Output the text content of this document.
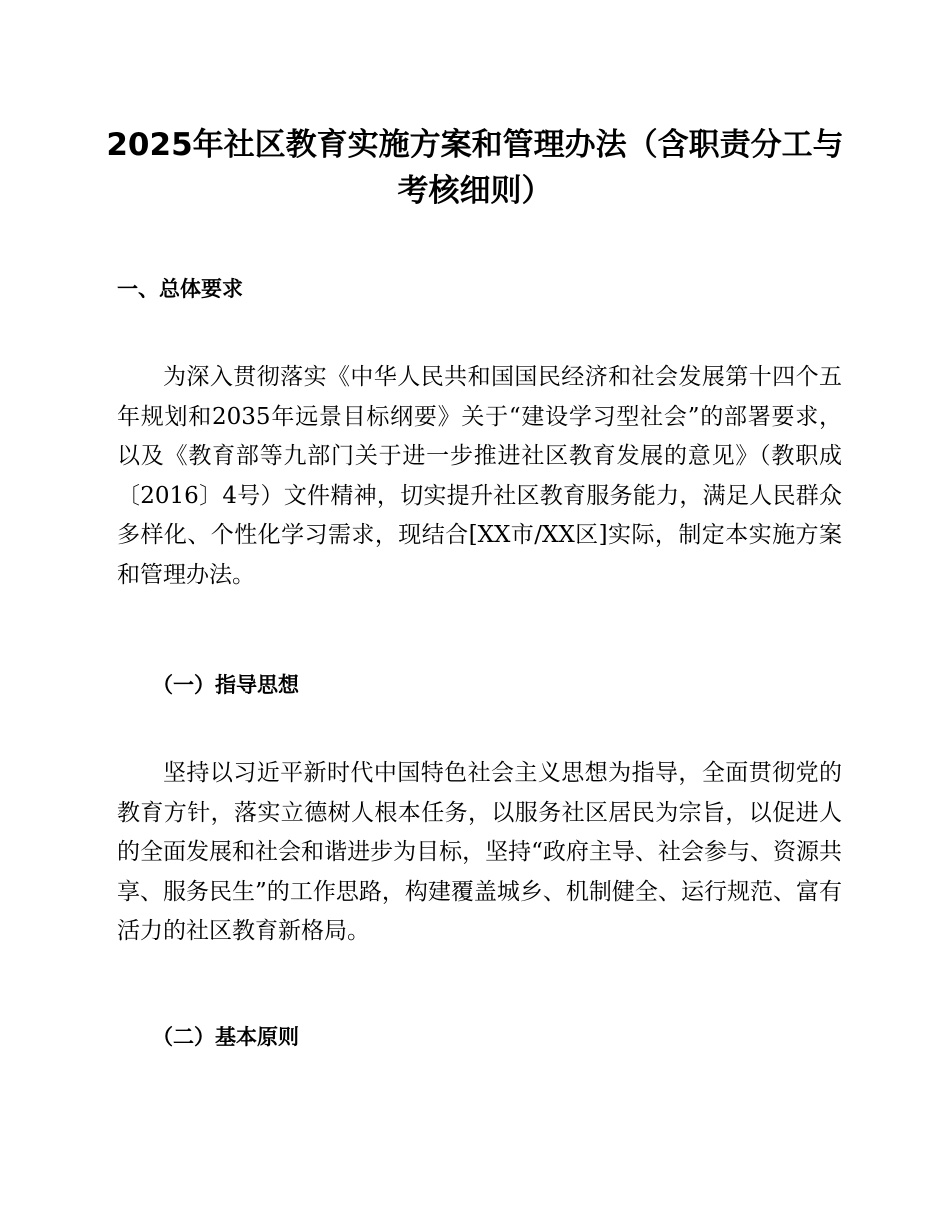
2025年社区教育实施方案和管理办法（含职责分工与考核细则）
一、总体要求

为深入贯彻落实《中华人民共和国国民经济和社会发展第十四个五年规划和2035年远景目标纲要》关于“建设学习型社会”的部署要求，以及《教育部等九部门关于进一步推进社区教育发展的意见》（教职成〔2016〕4号）文件精神，切实提升社区教育服务能力，满足人民群众多样化、个性化学习需求，现结合[XX市/XX区]实际，制定本实施方案和管理办法。

（一）指导思想

坚持以习近平新时代中国特色社会主义思想为指导，全面贯彻党的教育方针，落实立德树人根本任务，以服务社区居民为宗旨，以促进人的全面发展和社会和谐进步为目标，坚持“政府主导、社会参与、资源共享、服务民生”的工作思路，构建覆盖城乡、机制健全、运行规范、富有活力的社区教育新格局。

（二）基本原则
